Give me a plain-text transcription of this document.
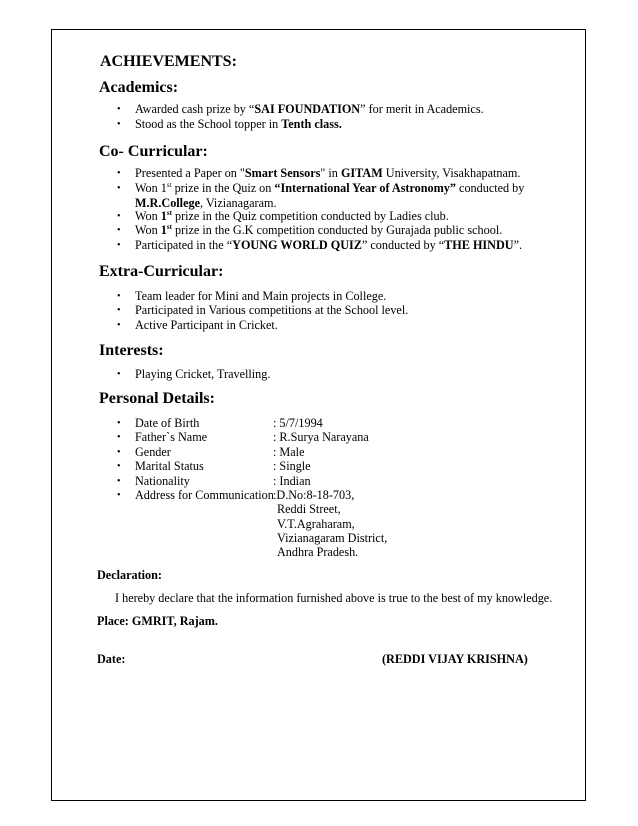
ACHIEVEMENTS:
Academics:
• Awarded cash prize by “SAI FOUNDATION” for merit in Academics.
• Stood as the School topper in Tenth class.
Co- Curricular:
• Presented a Paper on "Smart Sensors" in GITAM University, Visakhapatnam.
• Won 1st prize in the Quiz on “International Year of Astronomy” conducted by
M.R.College, Vizianagaram.
• Won 1st prize in the Quiz competition conducted by Ladies club.
• Won 1st prize in the G.K competition conducted by Gurajada public school.
• Participated in the “YOUNG WORLD QUIZ” conducted by “THE HINDU”.
Extra-Curricular:
• Team leader for Mini and Main projects in College.
• Participated in Various competitions at the School level.
• Active Participant in Cricket.
Interests:
• Playing Cricket, Travelling.
Personal Details:
• Date of Birth	: 5/7/1994
• Father`s Name	: R.Surya Narayana
• Gender	: Male
• Marital Status	: Single
• Nationality	: Indian
• Address for Communication :D.No:8-18-703,
Reddi Street,
V.T.Agraharam,
Vizianagaram District,
Andhra Pradesh.
Declaration:
I hereby declare that the information furnished above is true to the best of my knowledge.
Place: GMRIT, Rajam.
Date:	(REDDI VIJAY KRISHNA)
